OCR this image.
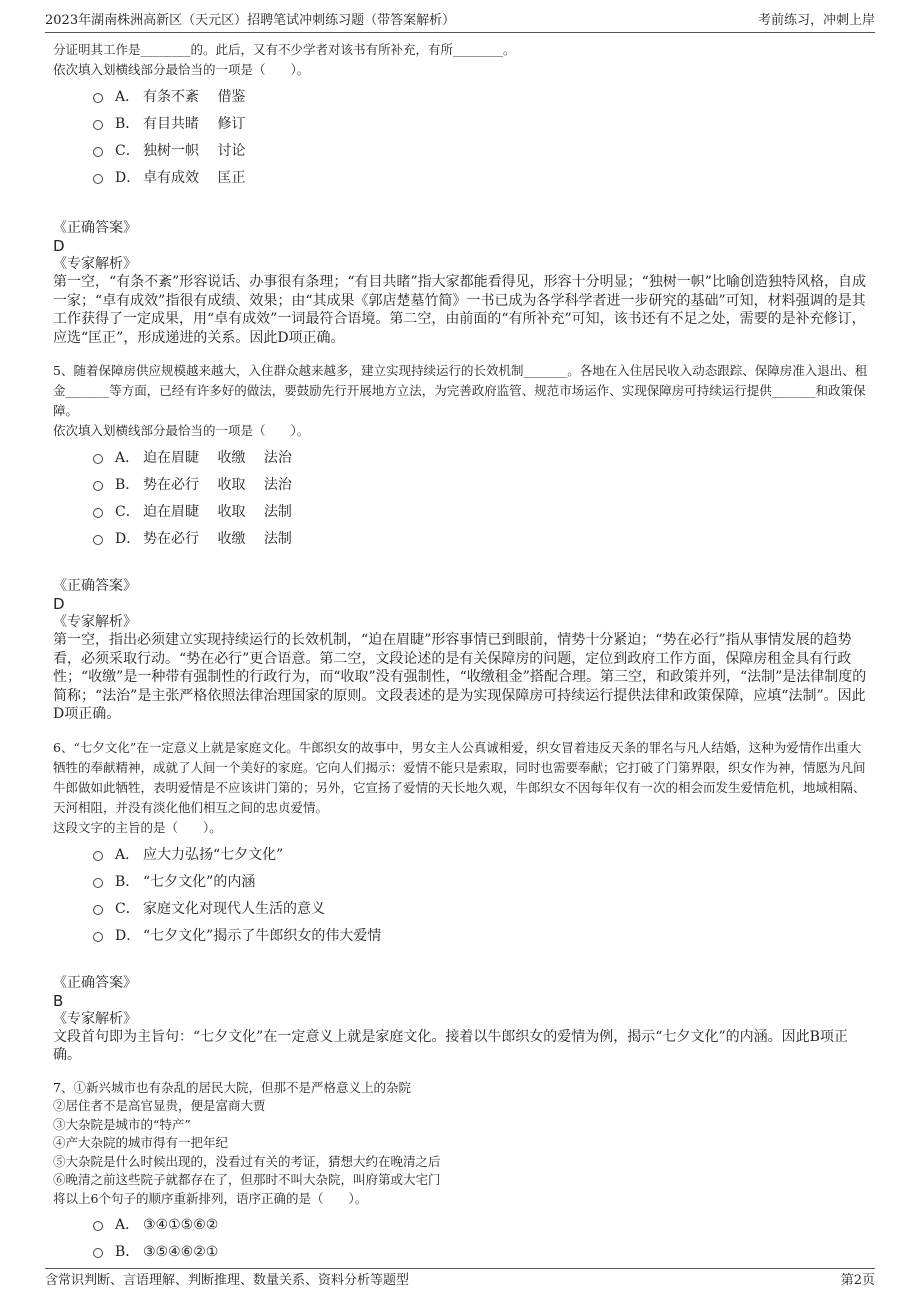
2023年湖南株洲高新区（天元区）招聘笔试冲刺练习题（带答案解析）	考前练习，冲刺上岸

分证明其工作是________的。此后，又有不少学者对该书有所补充，有所________。

依次填入划横线部分最恰当的一项是（　　）。

A． 有条不紊　 借鉴
B． 有目共睹　 修订
C． 独树一帜　 讨论
D． 卓有成效　 匡正

《正确答案》

D

《专家解析》

第一空，“有条不紊”形容说话、办事很有条理；“有目共睹”指大家都能看得见，形容十分明显；“独树一帜”比喻创造独特风格，自成一家；“卓有成效”指很有成绩、效果；由“其成果《郭店楚墓竹简》一书已成为各学科学者进一步研究的基础”可知，材料强调的是其工作获得了一定成果，用“卓有成效”一词最符合语境。第二空，由前面的“有所补充”可知，该书还有不足之处，需要的是补充修订，应选“匡正”，形成递进的关系。因此D项正确。

5、随着保障房供应规模越来越大，入住群众越来越多，建立实现持续运行的长效机制_______。各地在入住居民收入动态跟踪、保障房准入退出、租金_______等方面，已经有许多好的做法，要鼓励先行开展地方立法，为完善政府监管、规范市场运作、实现保障房可持续运行提供_______和政策保障。

依次填入划横线部分最恰当的一项是（　　）。

A． 迫在眉睫　 收缴　 法治
B． 势在必行　 收取　 法治
C． 迫在眉睫　 收取　 法制
D． 势在必行　 收缴　 法制

《正确答案》

D

《专家解析》

第一空，指出必须建立实现持续运行的长效机制，“迫在眉睫”形容事情已到眼前，情势十分紧迫；“势在必行”指从事情发展的趋势看，必须采取行动。“势在必行”更合语意。第二空，文段论述的是有关保障房的问题，定位到政府工作方面，保障房租金具有行政性；“收缴”是一种带有强制性的行政行为，而“收取”没有强制性，“收缴租金”搭配合理。第三空，和政策并列，“法制”是法律制度的简称；“法治”是主张严格依照法律治理国家的原则。文段表述的是为实现保障房可持续运行提供法律和政策保障，应填“法制”。因此D项正确。

6、“七夕文化”在一定意义上就是家庭文化。牛郎织女的故事中，男女主人公真诚相爱，织女冒着违反天条的罪名与凡人结婚，这种为爱情作出重大牺牲的奉献精神，成就了人间一个美好的家庭。它向人们揭示：爱情不能只是索取，同时也需要奉献；它打破了门第界限，织女作为神，情愿为凡间牛郎做如此牺牲，表明爱情是不应该讲门第的；另外，它宣扬了爱情的天长地久观，牛郎织女不因每年仅有一次的相会而发生爱情危机，地域相隔、天河相阻，并没有淡化他们相互之间的忠贞爱情。

这段文字的主旨的是（　　）。

A． 应大力弘扬“七夕文化”
B． “七夕文化”的内涵
C． 家庭文化对现代人生活的意义
D． “七夕文化”揭示了牛郎织女的伟大爱情

《正确答案》

B

《专家解析》

文段首句即为主旨句：“七夕文化”在一定意义上就是家庭文化。接着以牛郎织女的爱情为例，揭示“七夕文化”的内涵。因此B项正确。

7、①新兴城市也有杂乱的居民大院，但那不是严格意义上的杂院

②居住者不是高官显贵，便是富商大贾

③大杂院是城市的“特产”

④产大杂院的城市得有一把年纪

⑤大杂院是什么时候出现的，没看过有关的考证，猜想大约在晚清之后

⑥晚清之前这些院子就都存在了，但那时不叫大杂院，叫府第或大宅门

将以上6个句子的顺序重新排列，语序正确的是（　　）。

A． ③④①⑤⑥②
B． ③⑤④⑥②①
含常识判断、言语理解、判断推理、数量关系、资料分析等题型	第2页
